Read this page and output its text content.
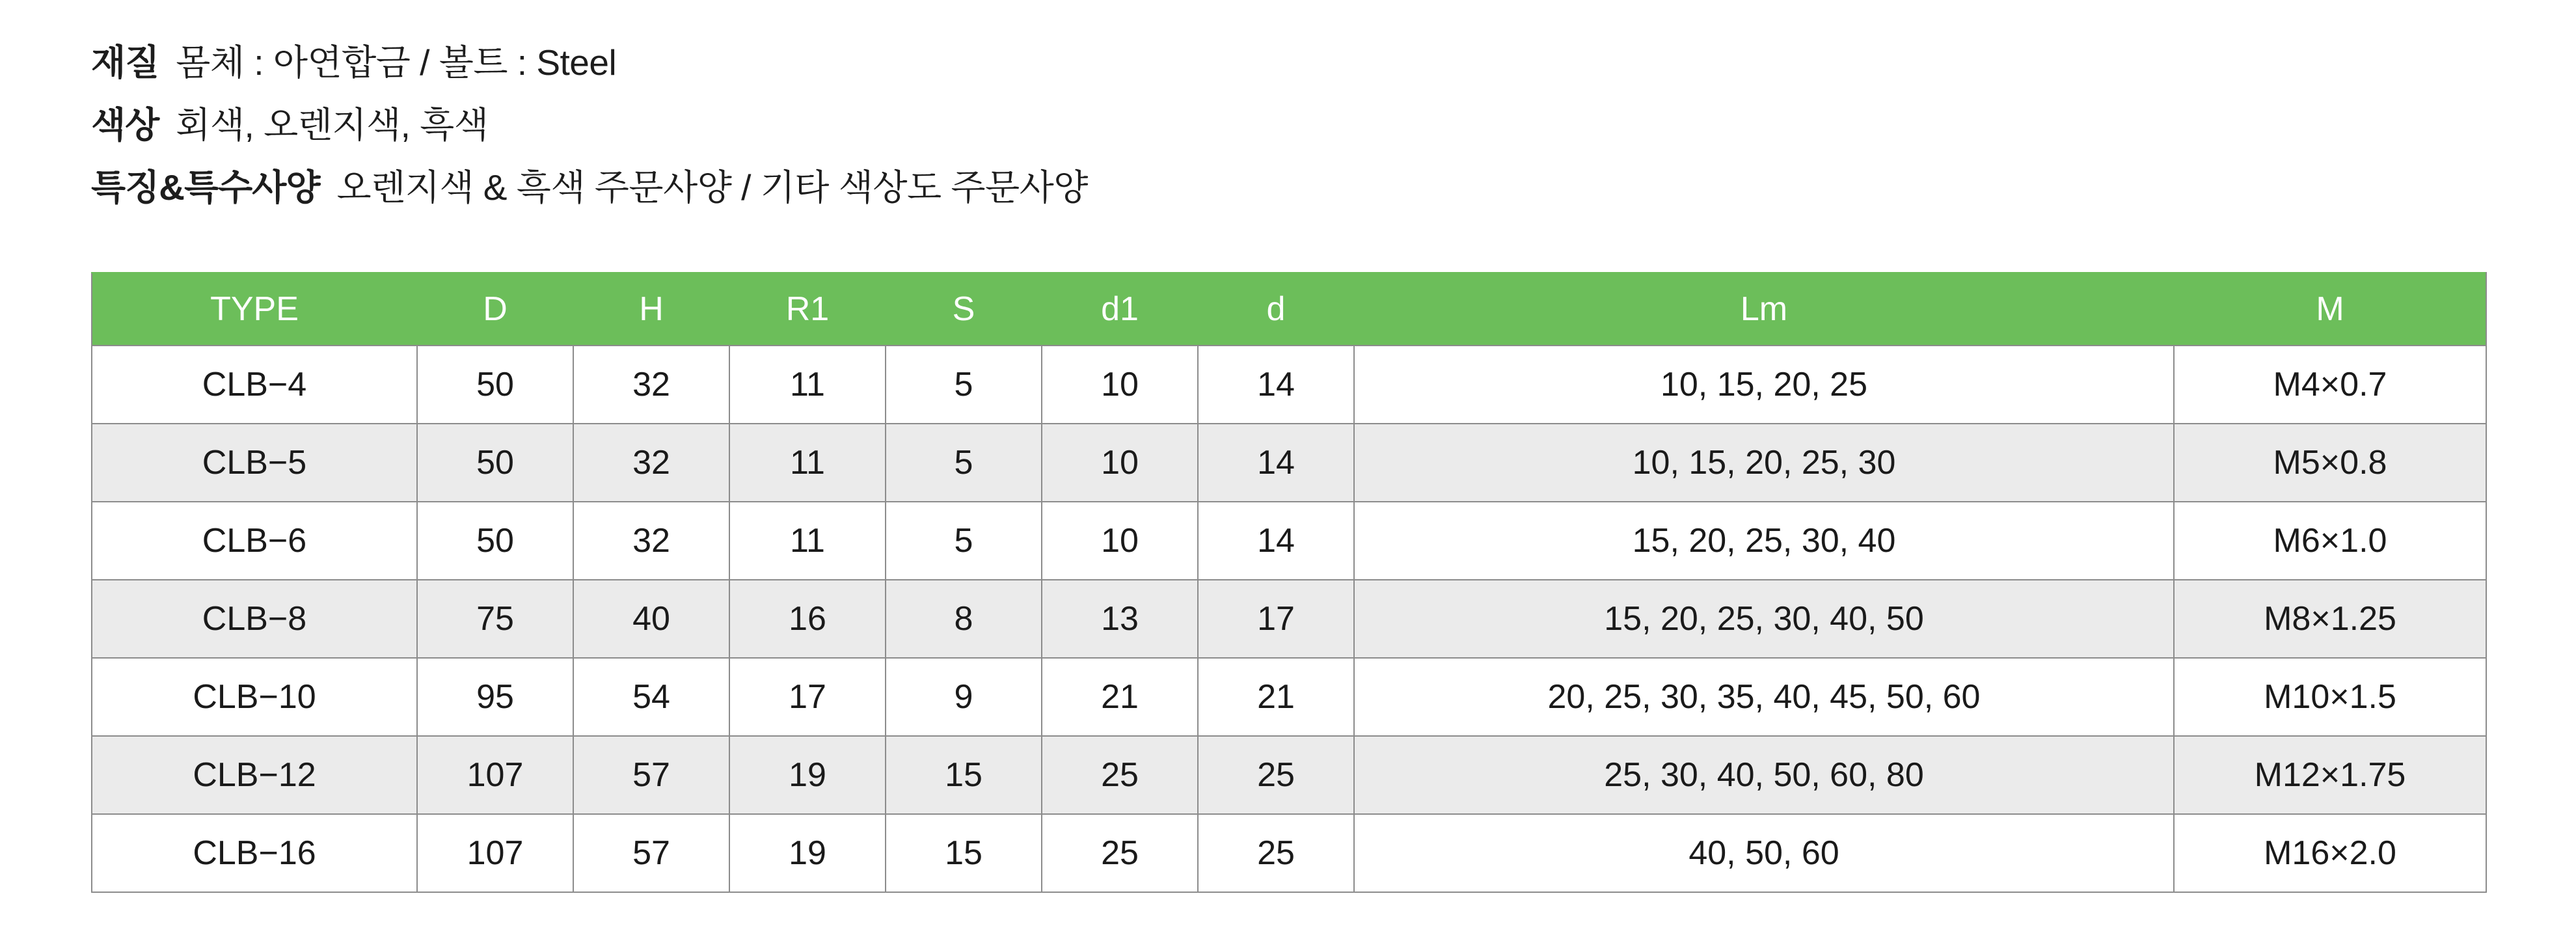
재질 몸체 : 아연합금 / 볼트 : Steel
색상 회색, 오렌지색, 흑색
특징&특수사양 오렌지색 & 흑색 주문사양 / 기타 색상도 주문사양
TYPE	D	H	R1	S	d1	d	Lm	M
CLB−4	50	32	11	5	10	14	10, 15, 20, 25	M4×0.7
CLB−5	50	32	11	5	10	14	10, 15, 20, 25, 30	M5×0.8
CLB−6	50	32	11	5	10	14	15, 20, 25, 30, 40	M6×1.0
CLB−8	75	40	16	8	13	17	15, 20, 25, 30, 40, 50	M8×1.25
CLB−10	95	54	17	9	21	21	20, 25, 30, 35, 40, 45, 50, 60	M10×1.5
CLB−12	107	57	19	15	25	25	25, 30, 40, 50, 60, 80	M12×1.75
CLB−16	107	57	19	15	25	25	40, 50, 60	M16×2.0
